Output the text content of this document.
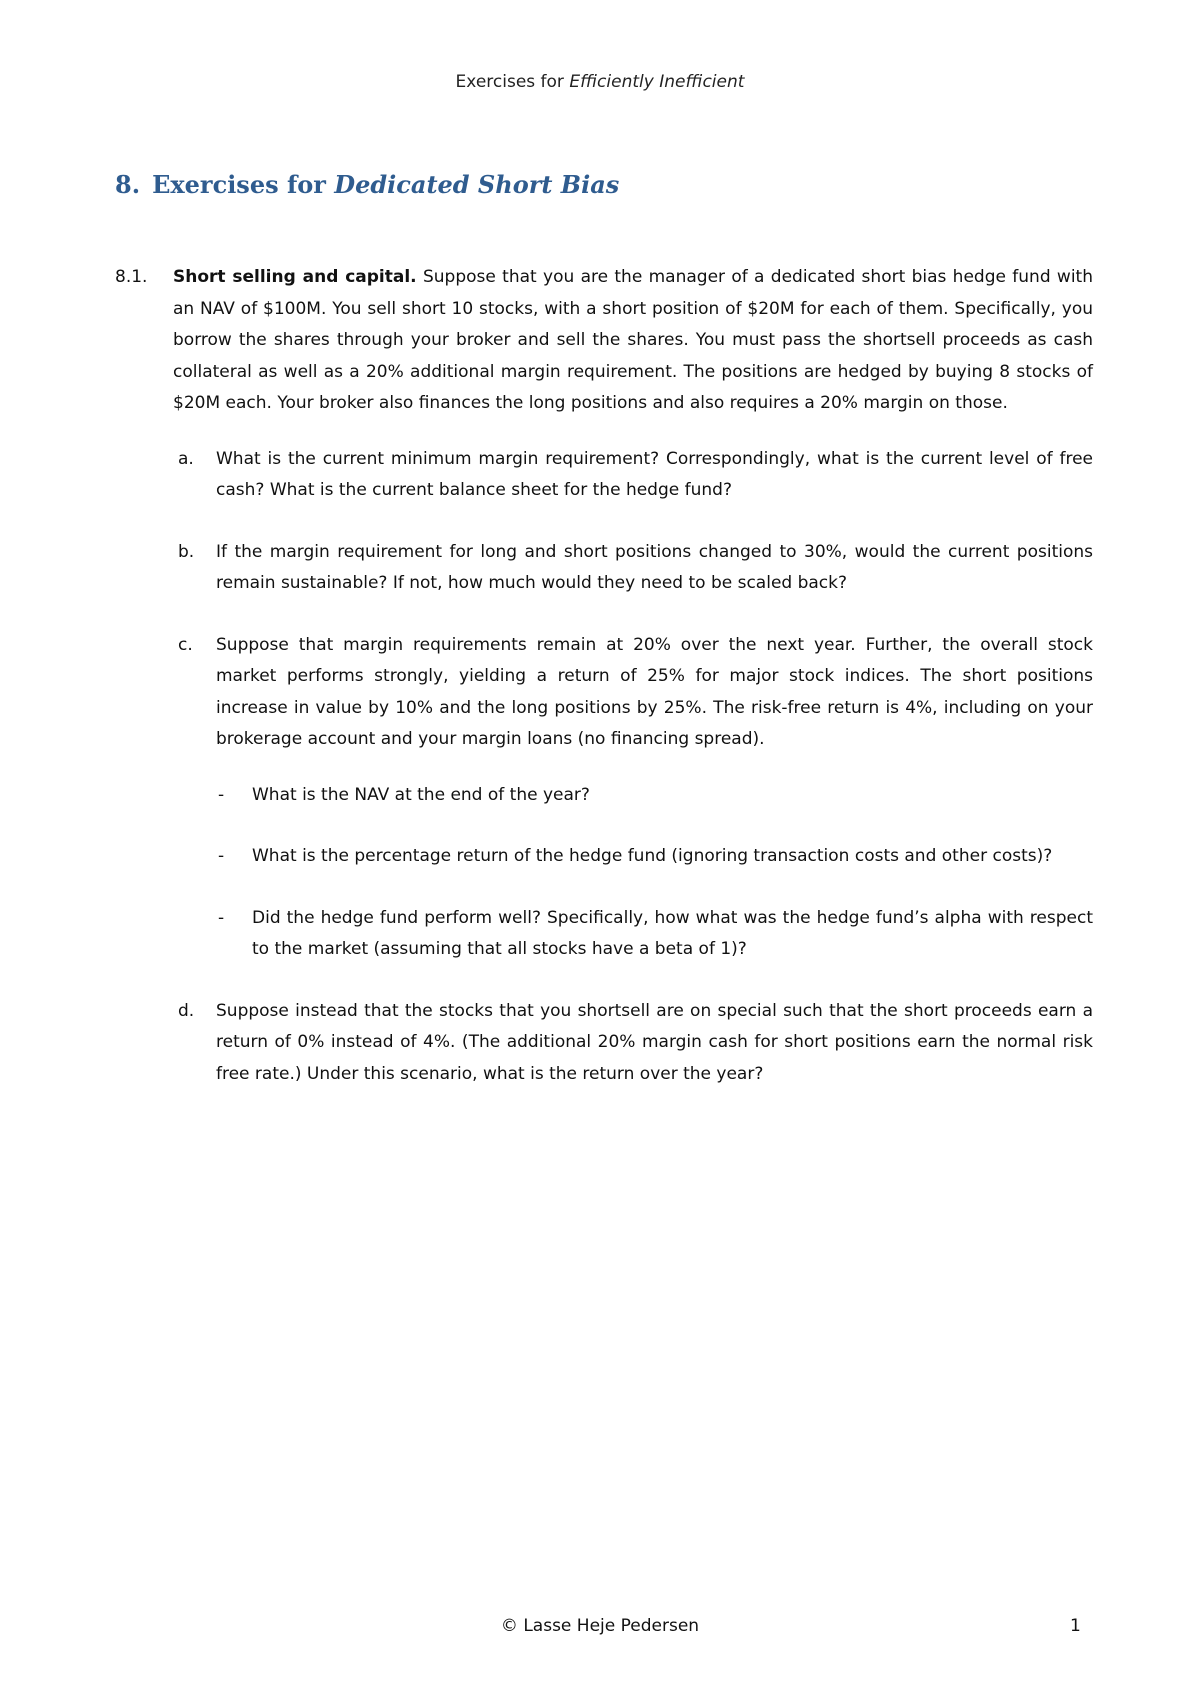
Exercises for Efficiently Inefficient
8. Exercises for Dedicated Short Bias
8.1. Short selling and capital. Suppose that you are the manager of a dedicated short bias hedge fund with an NAV of $100M. You sell short 10 stocks, with a short position of $20M for each of them. Specifically, you borrow the shares through your broker and sell the shares. You must pass the shortsell proceeds as cash collateral as well as a 20% additional margin requirement. The positions are hedged by buying 8 stocks of $20M each. Your broker also finances the long positions and also requires a 20% margin on those.
a. What is the current minimum margin requirement? Correspondingly, what is the current level of free cash? What is the current balance sheet for the hedge fund?
b. If the margin requirement for long and short positions changed to 30%, would the current positions remain sustainable? If not, how much would they need to be scaled back?
c. Suppose that margin requirements remain at 20% over the next year. Further, the overall stock market performs strongly, yielding a return of 25% for major stock indices. The short positions increase in value by 10% and the long positions by 25%. The risk-free return is 4%, including on your brokerage account and your margin loans (no financing spread).
- What is the NAV at the end of the year?
- What is the percentage return of the hedge fund (ignoring transaction costs and other costs)?
- Did the hedge fund perform well? Specifically, how what was the hedge fund’s alpha with respect to the market (assuming that all stocks have a beta of 1)?
d. Suppose instead that the stocks that you shortsell are on special such that the short proceeds earn a return of 0% instead of 4%. (The additional 20% margin cash for short positions earn the normal risk free rate.) Under this scenario, what is the return over the year?
© Lasse Heje Pedersen	1
